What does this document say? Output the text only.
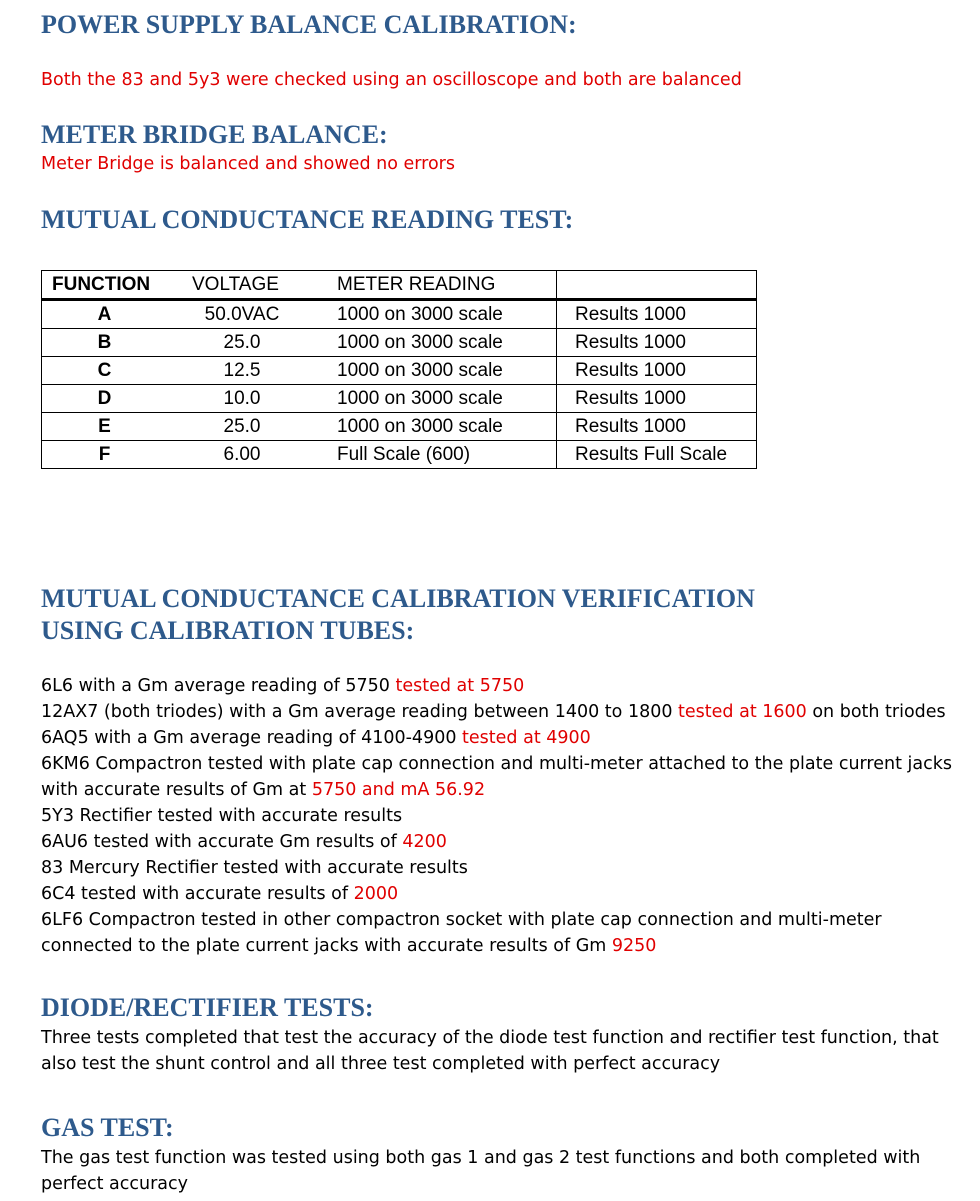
POWER SUPPLY BALANCE CALIBRATION:
Both the 83 and 5y3 were checked using an oscilloscope and both are balanced
METER BRIDGE BALANCE:
Meter Bridge is balanced and showed no errors
MUTUAL CONDUCTANCE READING TEST:
FUNCTION	VOLTAGE	METER READING	
A	50.0VAC	1000 on 3000 scale	Results 1000
B	25.0	1000 on 3000 scale	Results 1000
C	12.5	1000 on 3000 scale	Results 1000
D	10.0	1000 on 3000 scale	Results 1000
E	25.0	1000 on 3000 scale	Results 1000
F	6.00	Full Scale (600)	Results Full Scale
MUTUAL CONDUCTANCE CALIBRATION VERIFICATION
USING CALIBRATION TUBES:
6L6 with a Gm average reading of 5750 tested at 5750
12AX7 (both triodes) with a Gm average reading between 1400 to 1800 tested at 1600 on both triodes
6AQ5 with a Gm average reading of 4100-4900 tested at 4900
6KM6 Compactron tested with plate cap connection and multi-meter attached to the plate current jacks with accurate results of Gm at 5750 and mA 56.92
5Y3 Rectifier tested with accurate results
6AU6 tested with accurate Gm results of 4200
83 Mercury Rectifier tested with accurate results
6C4 tested with accurate results of 2000
6LF6 Compactron tested in other compactron socket with plate cap connection and multi-meter connected to the plate current jacks with accurate results of Gm 9250
DIODE/RECTIFIER TESTS:
Three tests completed that test the accuracy of the diode test function and rectifier test function, that also test the shunt control and all three test completed with perfect accuracy
GAS TEST:
The gas test function was tested using both gas 1 and gas 2 test functions and both completed with perfect accuracy
